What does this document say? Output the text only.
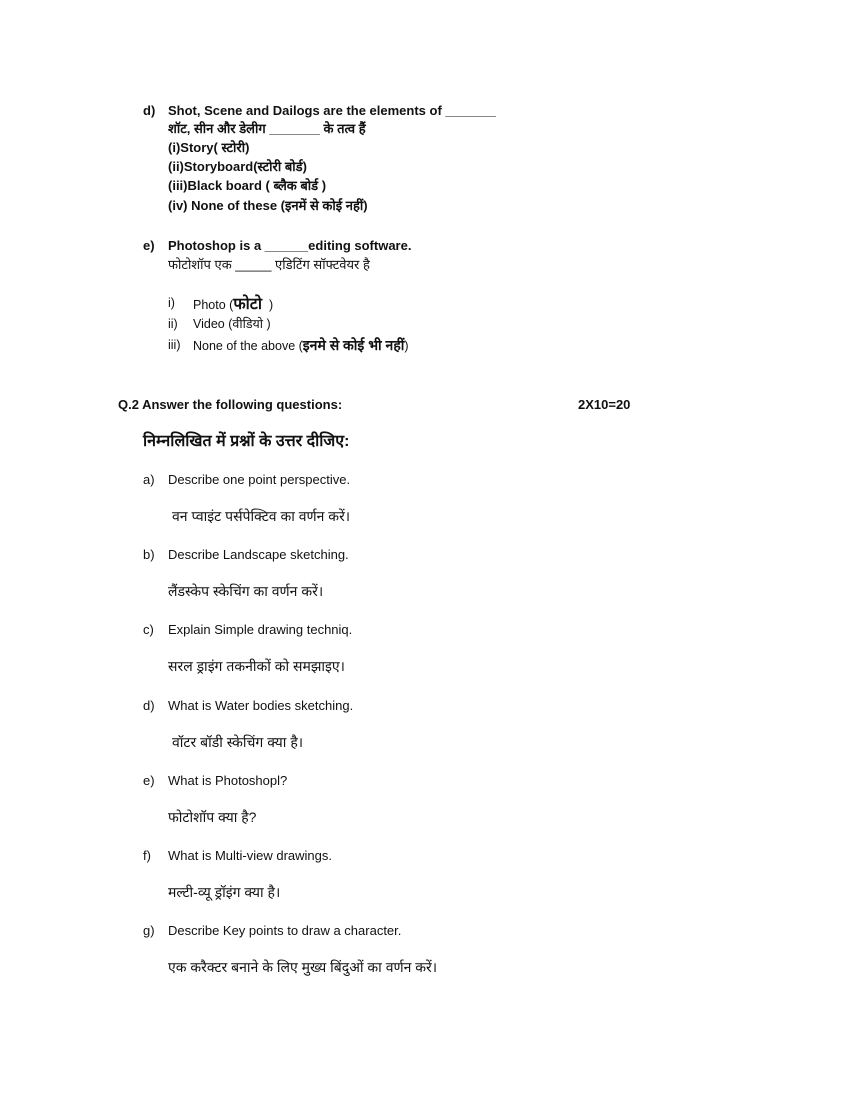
d) Shot, Scene and Dailogs are the elements of _______
शॉट, सीन और डेलीग _______ के तत्व हैं
(i)Story( स्टोरी)
(ii)Storyboard(स्टोरी बोर्ड)
(iii)Black board ( ब्लैक बोर्ड )
(iv) None of these (इनमें से कोई नहीं)
e) Photoshop is a ______editing software.
फोटोशॉप एक _____ एडिटिंग सॉफ्टवेयर है
i) Photo (फोटो )
ii) Video (वीडियो )
iii) None of the above (इनमे से कोई भी नहीं)
Q.2 Answer the following questions:	2X10=20
निम्नलिखित में प्रश्नों के उत्तर दीजिए:
a) Describe one point perspective.
वन प्वाइंट पर्सपेक्टिव का वर्णन करें।
b) Describe Landscape sketching.
लैंडस्केप स्केचिंग का वर्णन करें।
c) Explain Simple drawing techniq.
सरल ड्राइंग तकनीकों को समझाइए।
d) What is Water bodies sketching.
वॉटर बॉडी स्केचिंग क्या है।
e) What is Photoshopl?
फोटोशॉप क्या है?
f) What is Multi-view drawings.
मल्टी-व्यू ड्रॉइंग क्या है।
g) Describe Key points to draw a character.
एक करैक्टर बनाने के लिए मुख्य बिंदुओं का वर्णन करें।
